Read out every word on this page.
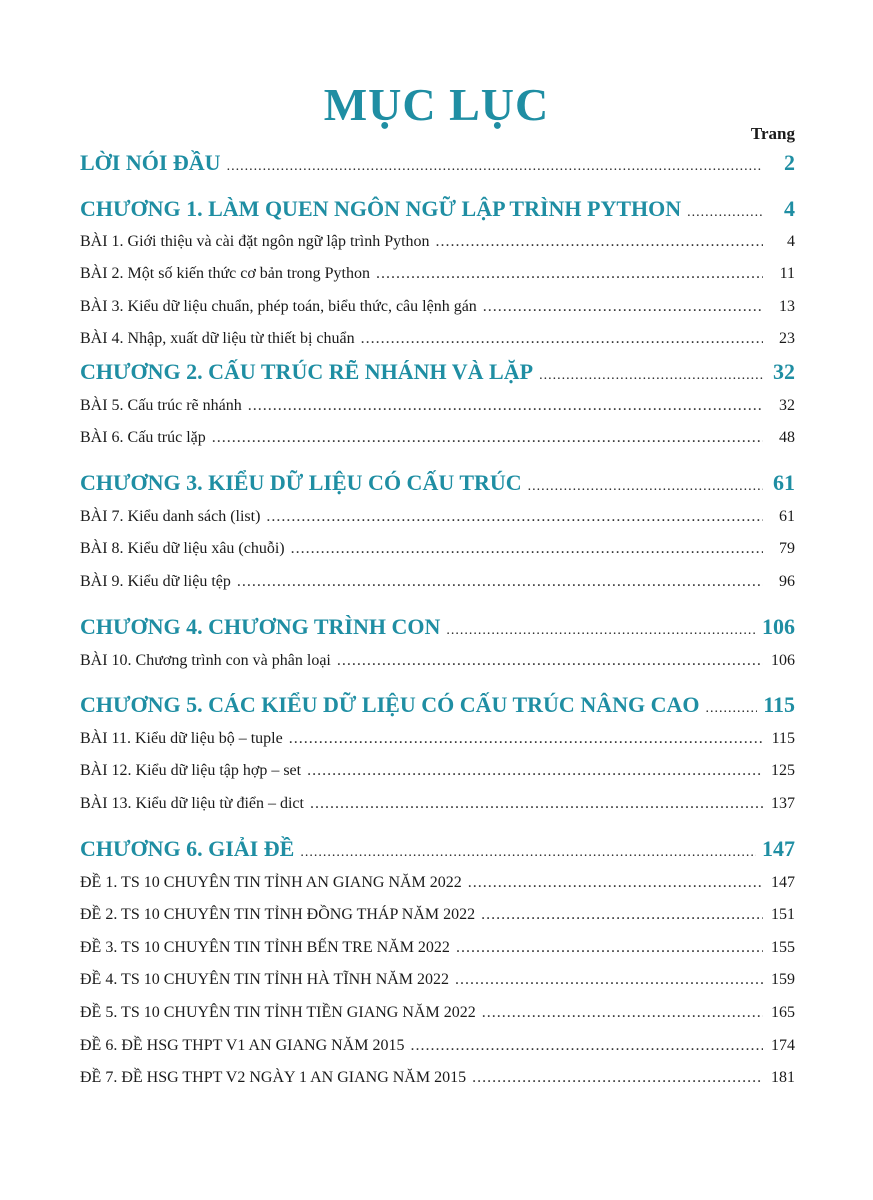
MỤC LỤC
Trang
LỜI NÓI ĐẦU .....	2
CHƯƠNG 1. LÀM QUEN NGÔN NGỮ LẬP TRÌNH PYTHON .....	4
BÀI 1. Giới thiệu và cài đặt ngôn ngữ lập trình Python .....	4
BÀI 2. Một số kiến thức cơ bản trong Python .....	11
BÀI 3. Kiểu dữ liệu chuẩn, phép toán, biểu thức, câu lệnh gán .....	13
BÀI 4. Nhập, xuất dữ liệu từ thiết bị chuẩn .....	23
CHƯƠNG 2. CẤU TRÚC RẼ NHÁNH VÀ LẶP .....	32
BÀI 5. Cấu trúc rẽ nhánh .....	32
BÀI 6. Cấu trúc lặp .....	48
CHƯƠNG 3. KIỂU DỮ LIỆU CÓ CẤU TRÚC .....	61
BÀI 7. Kiểu danh sách (list) .....	61
BÀI 8. Kiểu dữ liệu xâu (chuỗi) .....	79
BÀI 9. Kiểu dữ liệu tệp .....	96
CHƯƠNG 4. CHƯƠNG TRÌNH CON .....	106
BÀI 10. Chương trình con và phân loại .....	106
CHƯƠNG 5. CÁC KIỂU DỮ LIỆU CÓ CẤU TRÚC NÂNG CAO .....	115
BÀI 11. Kiểu dữ liệu bộ – tuple .....	115
BÀI 12. Kiểu dữ liệu tập hợp – set .....	125
BÀI 13. Kiểu dữ liệu từ điển – dict .....	137
CHƯƠNG 6. GIẢI ĐỀ .....	147
ĐỀ 1. TS 10 CHUYÊN TIN TỈNH AN GIANG NĂM 2022 .....	147
ĐỀ 2. TS 10 CHUYÊN TIN TỈNH ĐỒNG THÁP NĂM 2022 .....	151
ĐỀ 3. TS 10 CHUYÊN TIN TỈNH BẾN TRE NĂM 2022 .....	155
ĐỀ 4. TS 10 CHUYÊN TIN TỈNH HÀ TĨNH NĂM 2022 .....	159
ĐỀ 5. TS 10 CHUYÊN TIN TỈNH TIỀN GIANG NĂM 2022 .....	165
ĐỀ 6. ĐỀ HSG THPT V1 AN GIANG NĂM 2015 .....	174
ĐỀ 7. ĐỀ HSG THPT V2 NGÀY 1 AN GIANG NĂM 2015 .....	181
